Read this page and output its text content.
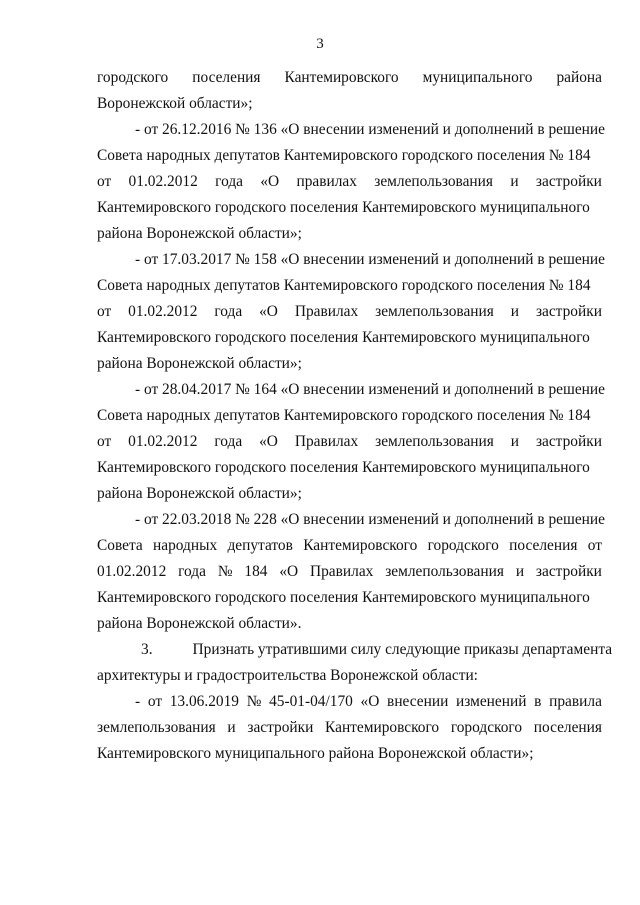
3
городского поселения Кантемировского муниципального района
Воронежской области»;
- от 26.12.2016 № 136 «О внесении изменений и дополнений в решение
Совета народных депутатов Кантемировского городского поселения № 184
от 01.02.2012 года «О правилах землепользования и застройки
Кантемировского городского поселения Кантемировского муниципального
района Воронежской области»;
- от 17.03.2017 № 158 «О внесении изменений и дополнений в решение
Совета народных депутатов Кантемировского городского поселения № 184
от 01.02.2012 года «О Правилах землепользования и застройки
Кантемировского городского поселения Кантемировского муниципального
района Воронежской области»;
- от 28.04.2017 № 164 «О внесении изменений и дополнений в решение
Совета народных депутатов Кантемировского городского поселения № 184
от 01.02.2012 года «О Правилах землепользования и застройки
Кантемировского городского поселения Кантемировского муниципального
района Воронежской области»;
- от 22.03.2018 № 228 «О внесении изменений и дополнений в решение
Совета народных депутатов Кантемировского городского поселения от
01.02.2012 года № 184 «О Правилах землепользования и застройки
Кантемировского городского поселения Кантемировского муниципального
района Воронежской области».
3.	Признать утратившими силу следующие приказы департамента
архитектуры и градостроительства Воронежской области:
- от 13.06.2019 № 45-01-04/170 «О внесении изменений в правила
землепользования и застройки Кантемировского городского поселения
Кантемировского муниципального района Воронежской области»;
